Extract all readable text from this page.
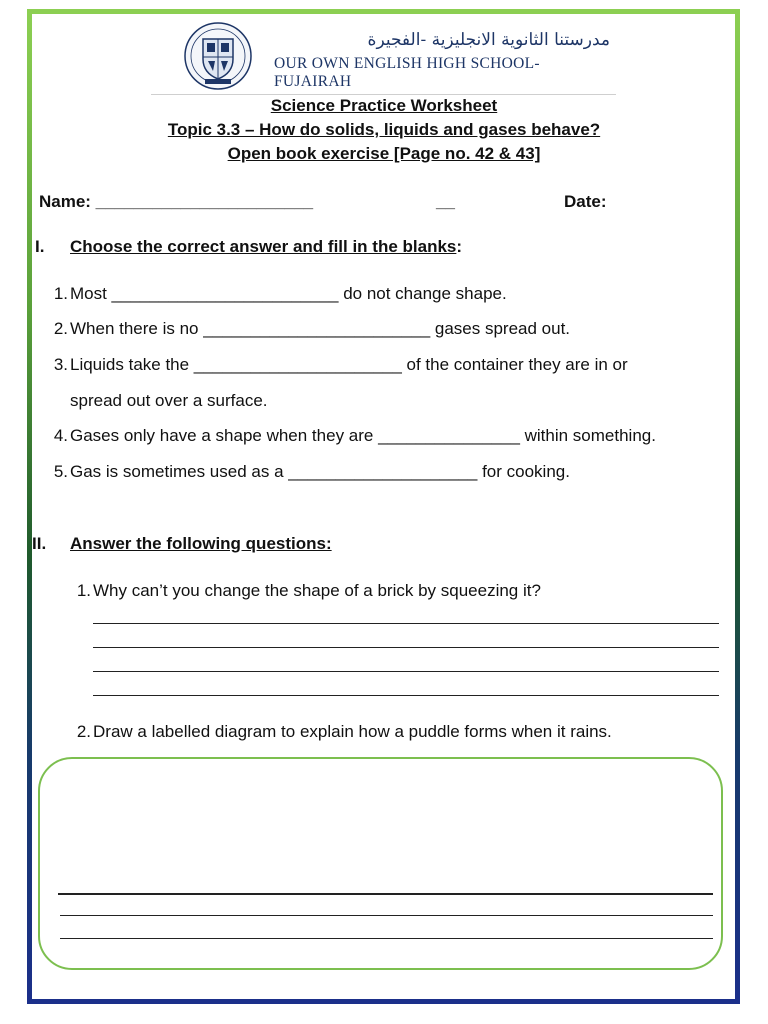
مدرستنا الثانوية الانجليزية -الفجيرة
OUR OWN ENGLISH HIGH SCHOOL-FUJAIRAH
Science Practice Worksheet
Topic 3.3 – How do solids, liquids and gases behave?
Open book exercise [Page no. 42 & 43]
Name: _______________________	__	Date:
I. Choose the correct answer and fill in the blanks:
1. Most ________________________ do not change shape.
2. When there is no ________________________ gases spread out.
3. Liquids take the ______________________ of the container they are in or
spread out over a surface.
4. Gases only have a shape when they are _______________ within something.
5. Gas is sometimes used as a ____________________ for cooking.
II. Answer the following questions:
1. Why can’t you change the shape of a brick by squeezing it?
2. Draw a labelled diagram to explain how a puddle forms when it rains.
